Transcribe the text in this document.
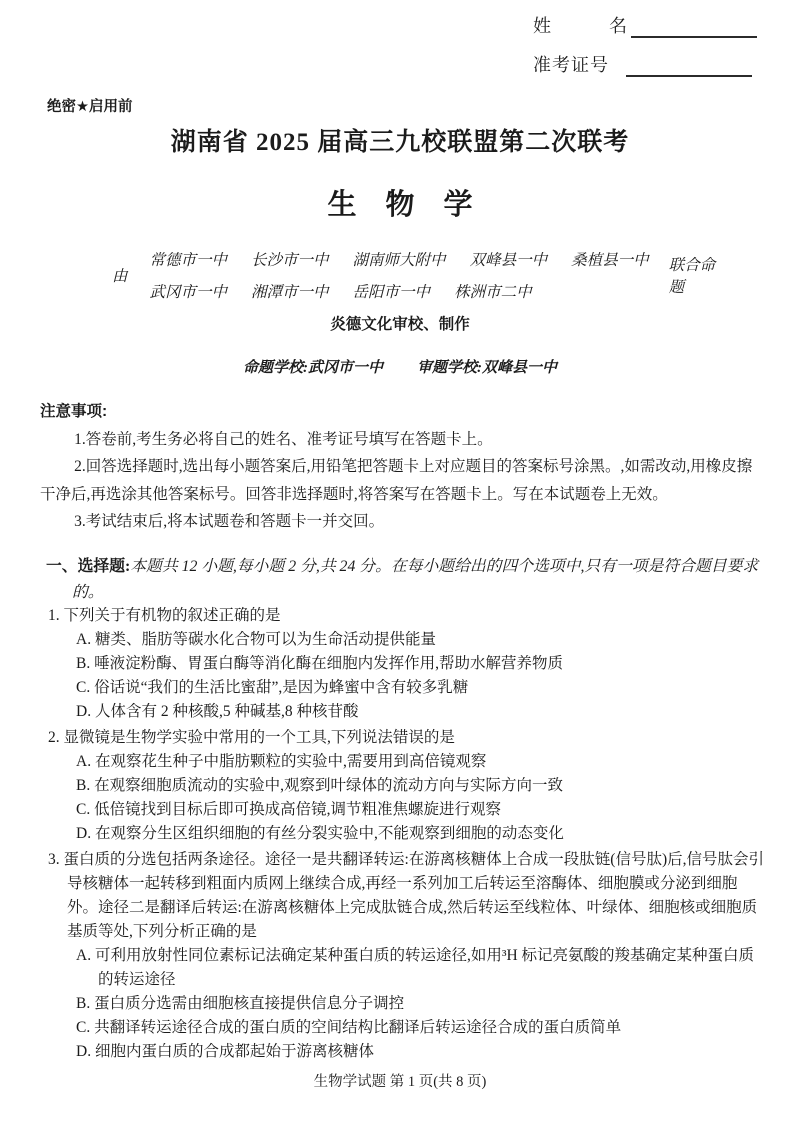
姓　　　名
准考证号
绝密★启用前
湖南省 2025 届高三九校联盟第二次联考
生　物　学
由
常德市一中 长沙市一中 湖南师大附中 双峰县一中 桑植县一中
武冈市一中 湘潭市一中 岳阳市一中 株洲市二中
联合命题
炎德文化审校、制作
命题学校:武冈市一中 审题学校:双峰县一中
注意事项:

1.答卷前,考生务必将自己的姓名、准考证号填写在答题卡上。

2.回答选择题时,选出每小题答案后,用铅笔把答题卡上对应题目的答案标号涂黑。,如需改动,用橡皮擦干净后,再选涂其他答案标号。回答非选择题时,将答案写在答题卡上。写在本试题卷上无效。

3.考试结束后,将本试题卷和答题卡一并交回。

一、选择题:本题共 12 小题,每小题 2 分,共 24 分。在每小题给出的四个选项中,只有一项是符合题目要求的。

1. 下列关于有机物的叙述正确的是

A. 糖类、脂肪等碳水化合物可以为生命活动提供能量

B. 唾液淀粉酶、胃蛋白酶等消化酶在细胞内发挥作用,帮助水解营养物质

C. 俗话说“我们的生活比蜜甜”,是因为蜂蜜中含有较多乳糖

D. 人体含有 2 种核酸,5 种碱基,8 种核苷酸

2. 显微镜是生物学实验中常用的一个工具,下列说法错误的是

A. 在观察花生种子中脂肪颗粒的实验中,需要用到高倍镜观察

B. 在观察细胞质流动的实验中,观察到叶绿体的流动方向与实际方向一致

C. 低倍镜找到目标后即可换成高倍镜,调节粗准焦螺旋进行观察

D. 在观察分生区组织细胞的有丝分裂实验中,不能观察到细胞的动态变化

3. 蛋白质的分选包括两条途径。途径一是共翻译转运:在游离核糖体上合成一段肽链(信号肽)后,信号肽会引导核糖体一起转移到粗面内质网上继续合成,再经一系列加工后转运至溶酶体、细胞膜或分泌到细胞外。途径二是翻译后转运:在游离核糖体上完成肽链合成,然后转运至线粒体、叶绿体、细胞核或细胞质基质等处,下列分析正确的是

A. 可利用放射性同位素标记法确定某种蛋白质的转运途径,如用³H 标记亮氨酸的羧基确定某种蛋白质的转运途径

B. 蛋白质分选需由细胞核直接提供信息分子调控

C. 共翻译转运途径合成的蛋白质的空间结构比翻译后转运途径合成的蛋白质简单

D. 细胞内蛋白质的合成都起始于游离核糖体

生物学试题 第 1 页(共 8 页)
